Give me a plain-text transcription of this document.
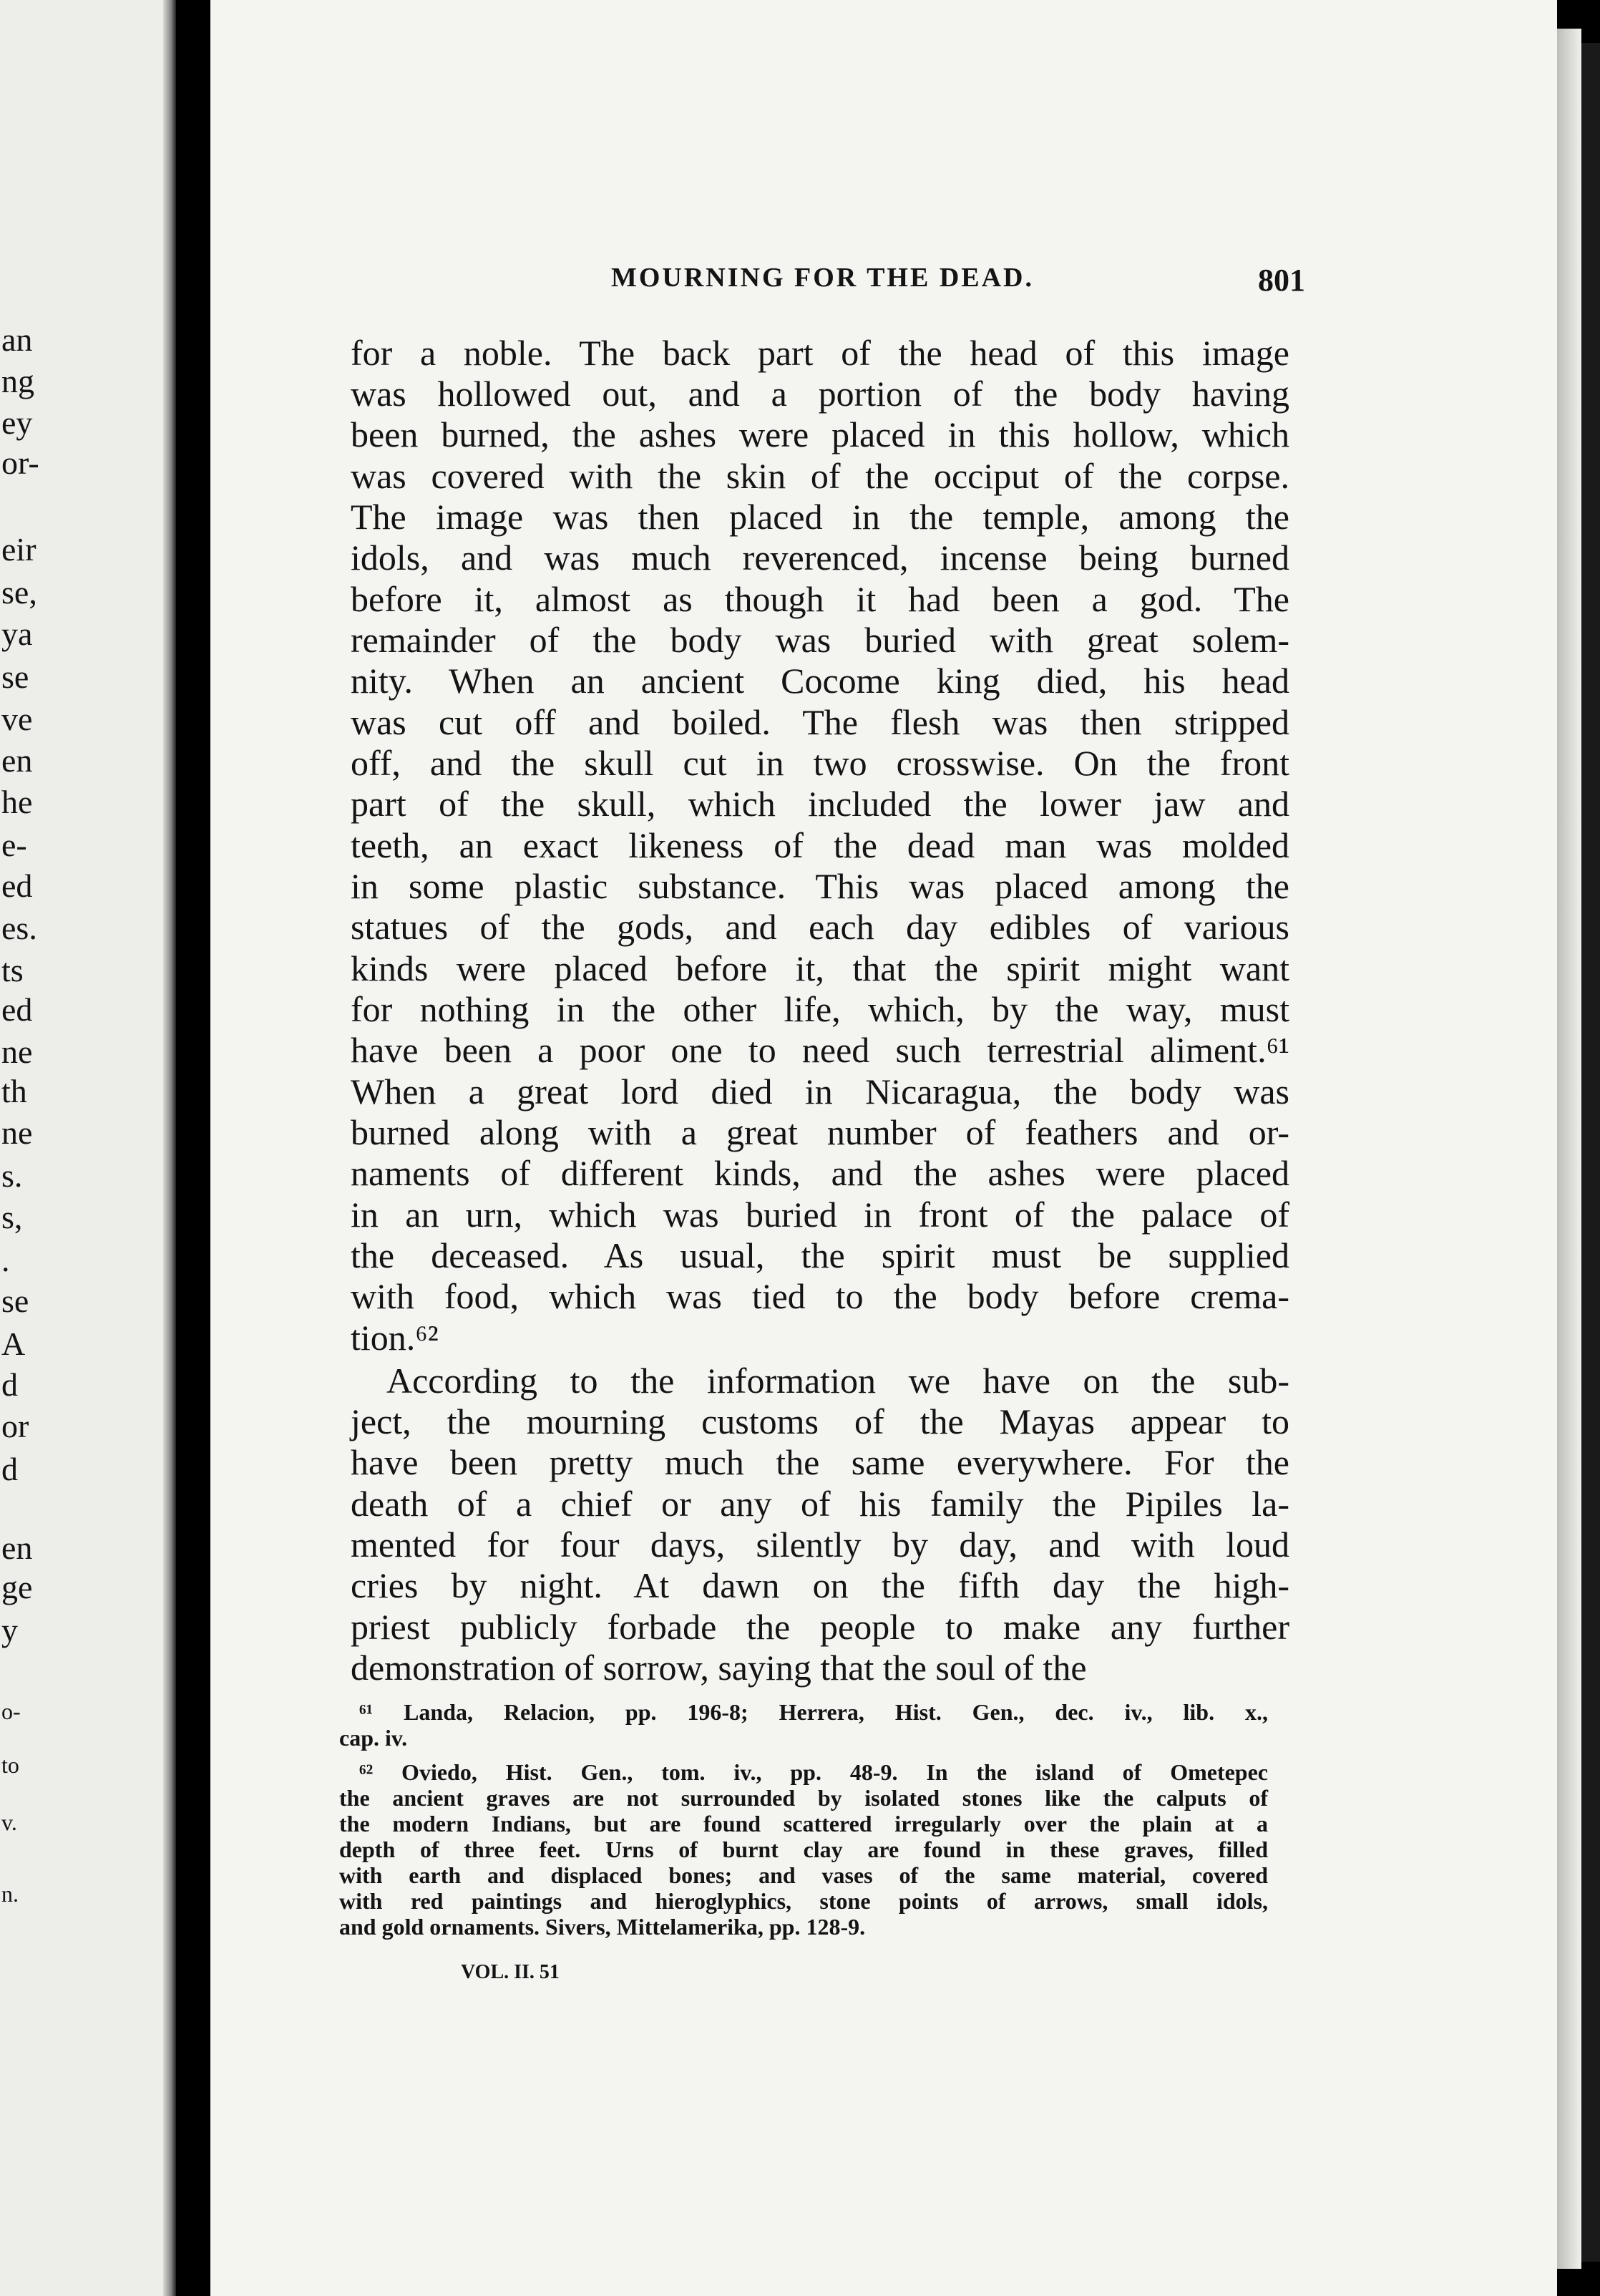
an
ng
ey
or-
eir
se,
ya
se
ve
en
he
e-
ed
es.
ts
ed
ne
th
ne
s.
s,
.
se
A
d
or
d
en
ge
y
o-
to
v.
n.
MOURNING FOR THE DEAD.	801
for a noble. The back part of the head of this image
was hollowed out, and a portion of the body having
been burned, the ashes were placed in this hollow, which
was covered with the skin of the occiput of the corpse.
The image was then placed in the temple, among the
idols, and was much reverenced, incense being burned
before it, almost as though it had been a god. The
remainder of the body was buried with great solem-
nity. When an ancient Cocome king died, his head
was cut off and boiled. The flesh was then stripped
off, and the skull cut in two crosswise. On the front
part of the skull, which included the lower jaw and
teeth, an exact likeness of the dead man was molded
in some plastic substance. This was placed among the
statues of the gods, and each day edibles of various
kinds were placed before it, that the spirit might want
for nothing in the other life, which, by the way, must
have been a poor one to need such terrestrial aliment.⁶¹
When a great lord died in Nicaragua, the body was
burned along with a great number of feathers and or-
naments of different kinds, and the ashes were placed
in an urn, which was buried in front of the palace of
the deceased. As usual, the spirit must be supplied
with food, which was tied to the body before crema-
tion.⁶²
According to the information we have on the sub-
ject, the mourning customs of the Mayas appear to
have been pretty much the same everywhere. For the
death of a chief or any of his family the Pipiles la-
mented for four days, silently by day, and with loud
cries by night. At dawn on the fifth day the high-
priest publicly forbade the people to make any further
demonstration of sorrow, saying that the soul of the
⁶¹ Landa, Relacion, pp. 196-8; Herrera, Hist. Gen., dec. iv., lib. x.,
cap. iv.
⁶² Oviedo, Hist. Gen., tom. iv., pp. 48-9. In the island of Ometepec
the ancient graves are not surrounded by isolated stones like the calputs of
the modern Indians, but are found scattered irregularly over the plain at a
depth of three feet. Urns of burnt clay are found in these graves, filled
with earth and displaced bones; and vases of the same material, covered
with red paintings and hieroglyphics, stone points of arrows, small idols,
and gold ornaments. Sivers, Mittelamerika, pp. 128-9.
VOL. II. 51
